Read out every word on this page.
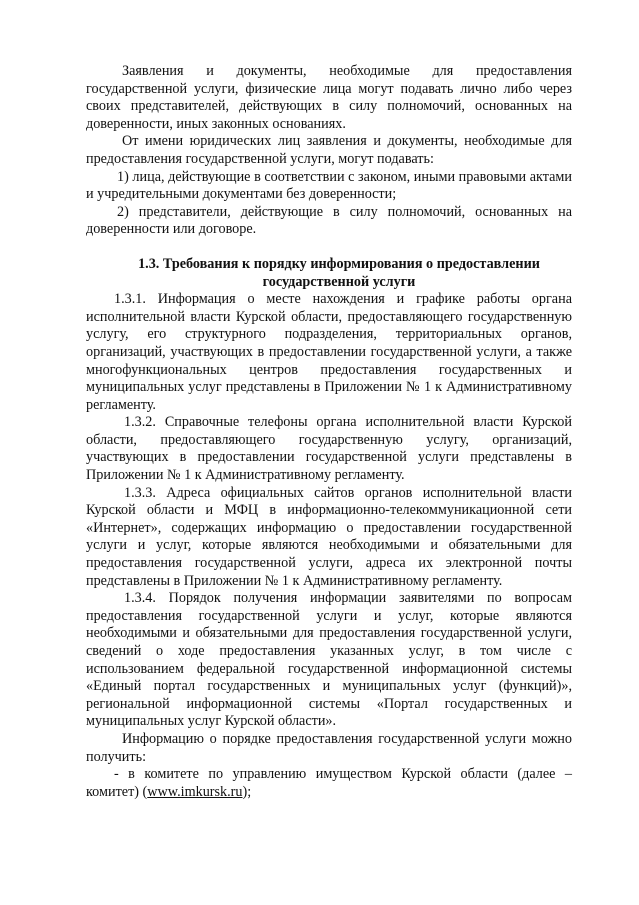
Заявления и документы, необходимые для предоставления государственной услуги, физические лица могут подавать лично либо через своих представителей, действующих в силу полномочий, основанных на доверенности, иных законных основаниях.

От имени юридических лиц заявления и документы, необходимые для предоставления государственной услуги, могут подавать:

1) лица, действующие в соответствии с законом, иными правовыми актами и учредительными документами без доверенности;

2) представители, действующие в силу полномочий, основанных на доверенности или договоре.

1.3. Требования к порядку информирования о предоставлении государственной услуги

1.3.1. Информация о месте нахождения и графике работы органа исполнительной власти Курской области, предоставляющего государственную услугу, его структурного подразделения, территориальных органов, организаций, участвующих в предоставлении государственной услуги, а также многофункциональных центров предоставления государственных и муниципальных услуг представлены в Приложении № 1 к Административному регламенту.

1.3.2. Справочные телефоны органа исполнительной власти Курской области, предоставляющего государственную услугу, организаций, участвующих в предоставлении государственной услуги представлены в Приложении № 1 к Административному регламенту.

1.3.3. Адреса официальных сайтов органов исполнительной власти Курской области и МФЦ в информационно-телекоммуникационной сети «Интернет», содержащих информацию о предоставлении государственной услуги и услуг, которые являются необходимыми и обязательными для предоставления государственной услуги, адреса их электронной почты представлены в Приложении № 1 к Административному регламенту.

1.3.4. Порядок получения информации заявителями по вопросам предоставления государственной услуги и услуг, которые являются необходимыми и обязательными для предоставления государственной услуги, сведений о ходе предоставления указанных услуг, в том числе с использованием федеральной государственной информационной системы «Единый портал государственных и муниципальных услуг (функций)», региональной информационной системы «Портал государственных и муниципальных услуг Курской области».

Информацию о порядке предоставления государственной услуги можно получить:

- в комитете по управлению имуществом Курской области (далее – комитет) (www.imkursk.ru);
